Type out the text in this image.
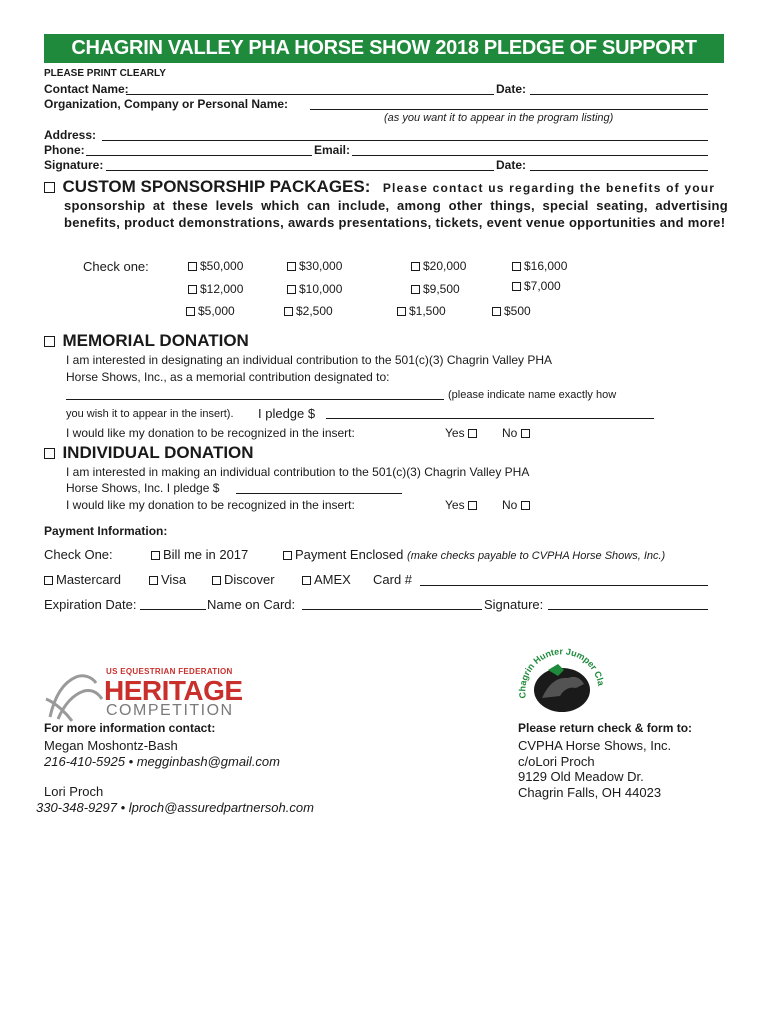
CHAGRIN VALLEY PHA HORSE SHOW 2018 PLEDGE OF SUPPORT
PLEASE PRINT CLEARLY
Contact Name:	Date:
Organization, Company or Personal Name:
(as you want it to appear in the program listing)
Address:
Phone:	Email:
Signature:	Date:
CUSTOM SPONSORSHIP PACKAGES: Please contact us regarding the benefits of your
sponsorship at these levels which can include, among other things, special seating, advertising benefits, product demonstrations, awards presentations, tickets, event venue opportunities and more!
Check one:	$50,000	$30,000	$20,000	$16,000
$12,000	$10,000	$9,500	$7,000
$5,000	$2,500	$1,500	$500
MEMORIAL DONATION
I am interested in designating an individual contribution to the 501(c)(3) Chagrin Valley PHA
Horse Shows, Inc., as a memorial contribution designated to:
(please indicate name exactly how
you wish it to appear in the insert). I pledge $
I would like my donation to be recognized in the insert:	Yes	No
INDIVIDUAL DONATION
I am interested in making an individual contribution to the 501(c)(3) Chagrin Valley PHA
Horse Shows, Inc. I pledge $
I would like my donation to be recognized in the insert:	Yes	No
Payment Information:
Check One:	Bill me in 2017	Payment Enclosed (make checks payable to CVPHA Horse Shows, Inc.)
Mastercard	Visa	Discover	AMEX Card #
Expiration Date:	Name on Card:	Signature:
US EQUESTRIAN FEDERATION
HERITAGE
COMPETITION
Chagrin Hunter Jumper Cla
For more information contact:
Megan Moshontz-Bash
216-410-5925 • megginbash@gmail.com
Lori Proch
330-348-9297 • lproch@assuredpartnersoh.com
Please return check & form to:
CVPHA Horse Shows, Inc.
c/oLori Proch
9129 Old Meadow Dr.
Chagrin Falls, OH 44023
